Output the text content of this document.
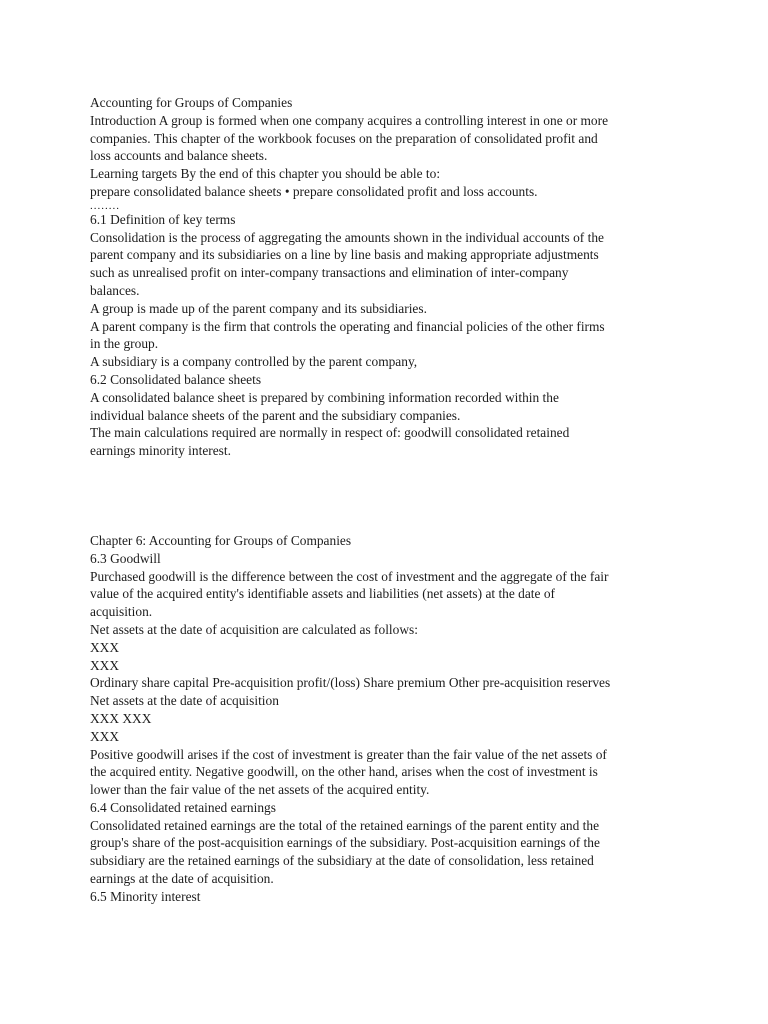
Accounting for Groups of Companies

Introduction A group is formed when one company acquires a controlling interest in one or more

companies. This chapter of the workbook focuses on the preparation of consolidated profit and

loss accounts and balance sheets.

Learning targets By the end of this chapter you should be able to:

prepare consolidated balance sheets • prepare consolidated profit and loss accounts.

........

6.1 Definition of key terms

Consolidation is the process of aggregating the amounts shown in the individual accounts of the

parent company and its subsidiaries on a line by line basis and making appropriate adjustments

such as unrealised profit on inter-company transactions and elimination of inter-company

balances.

A group is made up of the parent company and its subsidiaries.

A parent company is the firm that controls the operating and financial policies of the other firms

in the group.

A subsidiary is a company controlled by the parent company,

6.2 Consolidated balance sheets

A consolidated balance sheet is prepared by combining information recorded within the

individual balance sheets of the parent and the subsidiary companies.

The main calculations required are normally in respect of: goodwill consolidated retained

earnings minority interest.

Chapter 6: Accounting for Groups of Companies

6.3 Goodwill

Purchased goodwill is the difference between the cost of investment and the aggregate of the fair

value of the acquired entity's identifiable assets and liabilities (net assets) at the date of

acquisition.

Net assets at the date of acquisition are calculated as follows:

XXX

XXX

Ordinary share capital Pre-acquisition profit/(loss) Share premium Other pre-acquisition reserves

Net assets at the date of acquisition

XXX XXX

XXX

Positive goodwill arises if the cost of investment is greater than the fair value of the net assets of

the acquired entity. Negative goodwill, on the other hand, arises when the cost of investment is

lower than the fair value of the net assets of the acquired entity.

6.4 Consolidated retained earnings

Consolidated retained earnings are the total of the retained earnings of the parent entity and the

group's share of the post-acquisition earnings of the subsidiary. Post-acquisition earnings of the

subsidiary are the retained earnings of the subsidiary at the date of consolidation, less retained

earnings at the date of acquisition.

6.5 Minority interest
